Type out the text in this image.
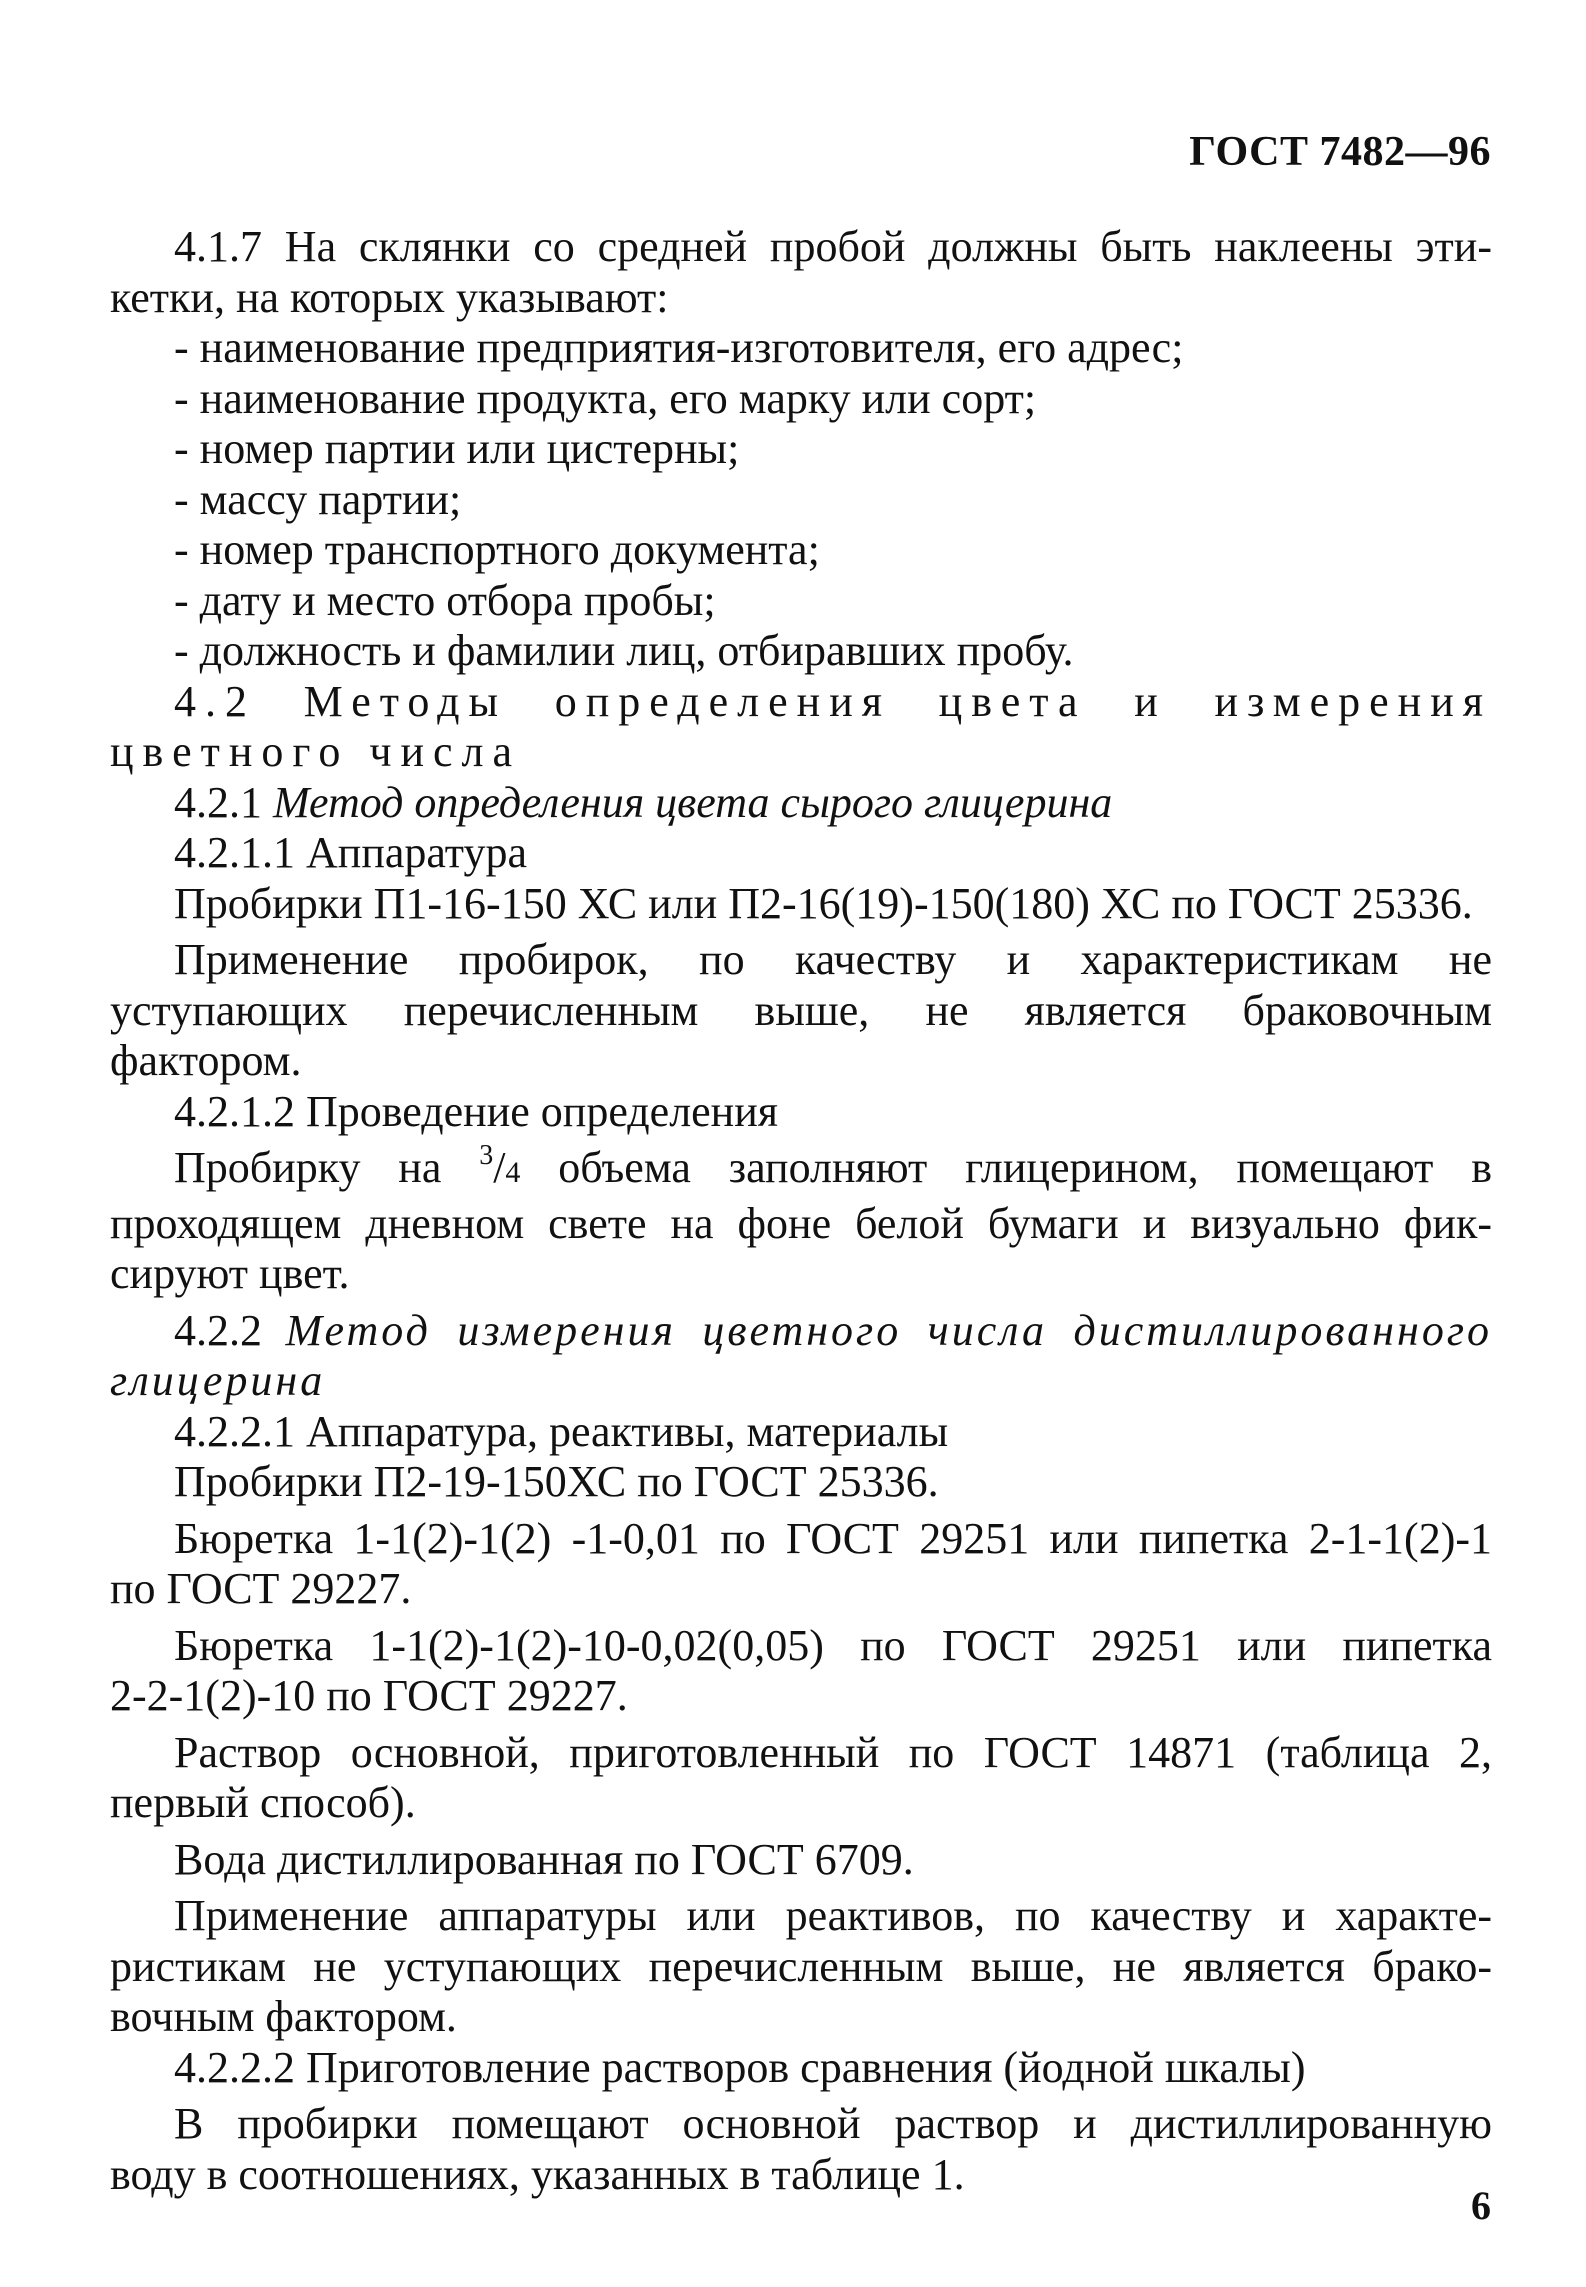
ГОСТ 7482—96

4.1.7 На склянки со средней пробой должны быть наклеены эти-

кетки, на которых указывают:

- наименование предприятия-изготовителя, его адрес;

- наименование продукта, его марку или сорт;

- номер партии или цистерны;

- массу партии;

- номер транспортного документа;

- дату и место отбора пробы;

- должность и фамилии лиц, отбиравших пробу.

4.2 Методы определения цвета и измерения

цветного числа

4.2.1 Метод определения цвета сырого глицерина

4.2.1.1 Аппаратура

Пробирки П1-16-150 ХС или П2-16(19)-150(180) ХС по ГОСТ 25336.

Применение пробирок, по качеству и характеристикам не

уступающих перечисленным выше, не является браковочным

фактором.

4.2.1.2 Проведение определения

Пробирку на $^3$/4 объема заполняют глицерином, помещают в

проходящем дневном свете на фоне белой бумаги и визуально фик-

сируют цвет.

4.2.2 Метод измерения цветного числа дистиллированного

глицерина

4.2.2.1 Аппаратура, реактивы, материалы

Пробирки П2-19-150ХС по ГОСТ 25336.

Бюретка 1-1(2)-1(2) -1-0,01 по ГОСТ 29251 или пипетка 2-1-1(2)-1

по ГОСТ 29227.

Бюретка 1-1(2)-1(2)-10-0,02(0,05) по ГОСТ 29251 или пипетка

2-2-1(2)-10 по ГОСТ 29227.

Раствор основной, приготовленный по ГОСТ 14871 (таблица 2,

первый способ).

Вода дистиллированная по ГОСТ 6709.

Применение аппаратуры или реактивов, по качеству и характе-

ристикам не уступающих перечисленным выше, не является брако-

вочным фактором.

4.2.2.2 Приготовление растворов сравнения (йодной шкалы)

В пробирки помещают основной раствор и дистиллированную

воду в соотношениях, указанных в таблице 1.

6
